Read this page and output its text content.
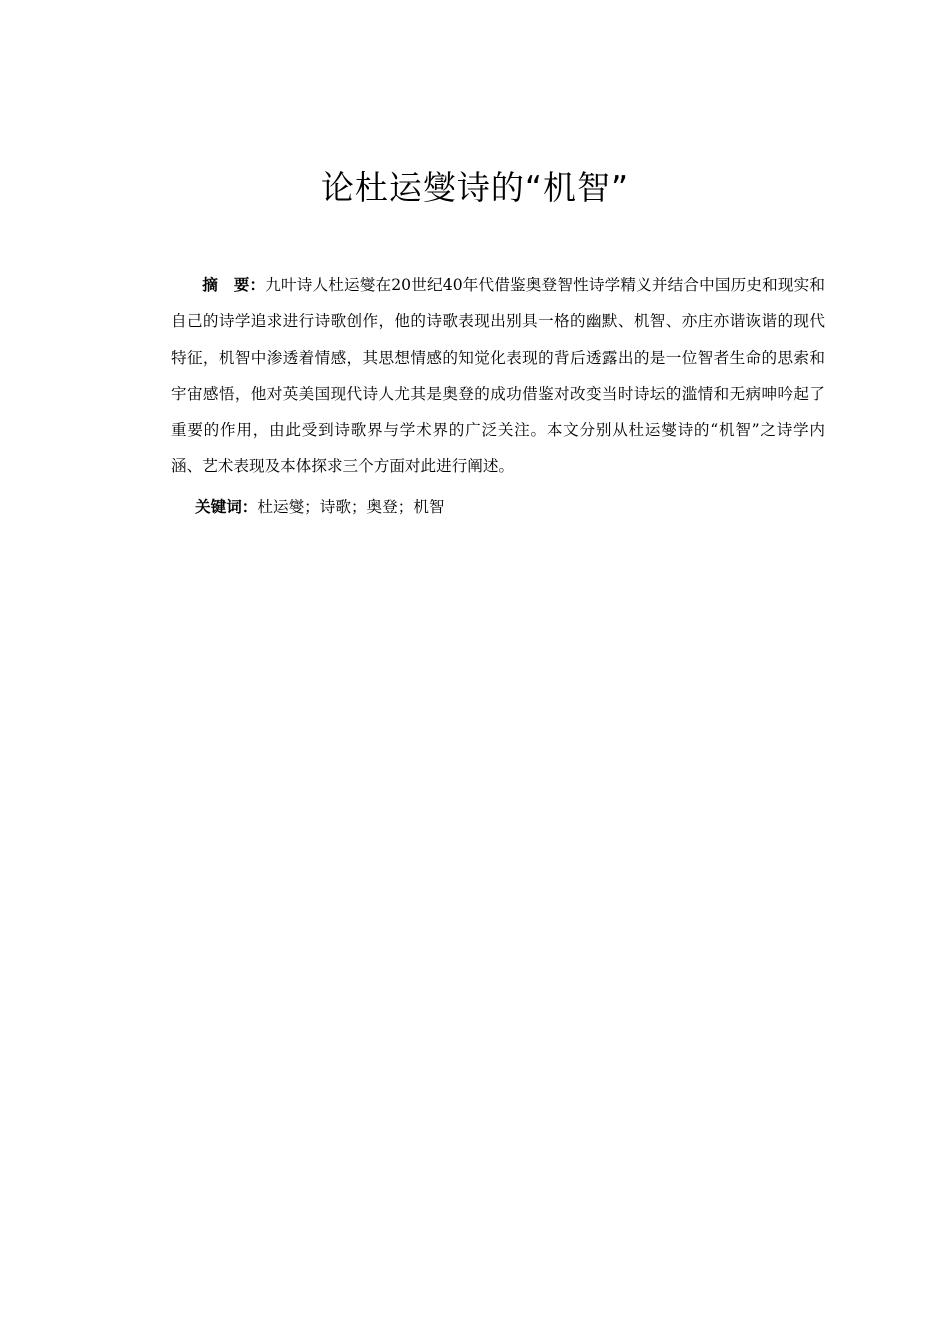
论杜运燮诗的“机智”

摘　要：九叶诗人杜运燮在20世纪40年代借鉴奥登智性诗学精义并结合中国历史和现实和自己的诗学追求进行诗歌创作，他的诗歌表现出别具一格的幽默、机智、亦庄亦谐诙谐的现代特征，机智中渗透着情感，其思想情感的知觉化表现的背后透露出的是一位智者生命的思索和宇宙感悟，他对英美国现代诗人尤其是奥登的成功借鉴对改变当时诗坛的滥情和无病呻吟起了重要的作用，由此受到诗歌界与学术界的广泛关注。本文分别从杜运燮诗的“机智”之诗学内涵、艺术表现及本体探求三个方面对此进行阐述。

关键词：杜运燮；诗歌；奥登；机智
